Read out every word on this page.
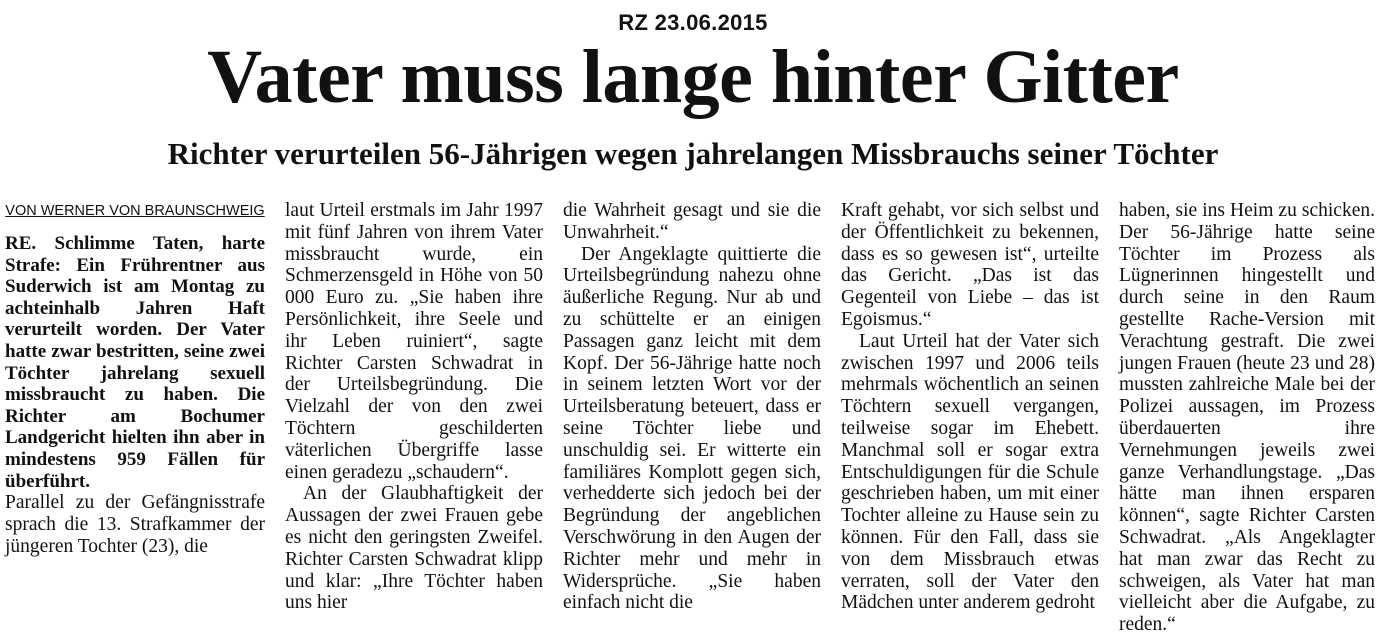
RZ 23.06.2015
Vater muss lange hinter Gitter
Richter verurteilen 56-Jährigen wegen jahrelangen Missbrauchs seiner Töchter
VON WERNER VON BRAUNSCHWEIG

RE. Schlimme Taten, harte Strafe: Ein Frührentner aus Suderwich ist am Montag zu achteinhalb Jahren Haft verurteilt worden. Der Vater hatte zwar bestritten, seine zwei Töchter jahrelang sexuell missbraucht zu haben. Die Richter am Bochumer Landgericht hielten ihn aber in mindestens 959 Fällen für überführt.

Parallel zu der Gefängnisstrafe sprach die 13. Strafkammer der jüngeren Tochter (23), die

laut Urteil erstmals im Jahr 1997 mit fünf Jahren von ihrem Vater missbraucht wurde, ein Schmerzensgeld in Höhe von 50 000 Euro zu. „Sie haben ihre Persönlichkeit, ihre Seele und ihr Leben ruiniert“, sagte Richter Carsten Schwadrat in der Urteilsbegründung. Die Vielzahl der von den zwei Töchtern geschilderten väterlichen Übergriffe lasse einen geradezu „schaudern“.

An der Glaubhaftigkeit der Aussagen der zwei Frauen gebe es nicht den geringsten Zweifel. Richter Carsten Schwadrat klipp und klar: „Ihre Töchter haben uns hier

die Wahrheit gesagt und sie die Unwahrheit.“

Der Angeklagte quittierte die Urteilsbegründung nahezu ohne äußerliche Regung. Nur ab und zu schüttelte er an einigen Passagen ganz leicht mit dem Kopf. Der 56-Jährige hatte noch in seinem letzten Wort vor der Urteilsberatung beteuert, dass er seine Töchter liebe und unschuldig sei. Er witterte ein familiäres Komplott gegen sich, verhedderte sich jedoch bei der Begründung der angeblichen Verschwörung in den Augen der Richter mehr und mehr in Widersprüche. „Sie haben einfach nicht die

Kraft gehabt, vor sich selbst und der Öffentlichkeit zu bekennen, dass es so gewesen ist“, urteilte das Gericht. „Das ist das Gegenteil von Liebe – das ist Egoismus.“

Laut Urteil hat der Vater sich zwischen 1997 und 2006 teils mehrmals wöchentlich an seinen Töchtern sexuell vergangen, teilweise sogar im Ehebett. Manchmal soll er sogar extra Entschuldigungen für die Schule geschrieben haben, um mit einer Tochter alleine zu Hause sein zu können. Für den Fall, dass sie von dem Missbrauch etwas verraten, soll der Vater den Mädchen unter anderem gedroht

haben, sie ins Heim zu schicken. Der 56-Jährige hatte seine Töchter im Prozess als Lügnerinnen hingestellt und durch seine in den Raum gestellte Rache-Version mit Verachtung gestraft. Die zwei jungen Frauen (heute 23 und 28) mussten zahlreiche Male bei der Polizei aussagen, im Prozess überdauerten ihre Vernehmungen jeweils zwei ganze Verhandlungstage. „Das hätte man ihnen ersparen können“, sagte Richter Carsten Schwadrat. „Als Angeklagter hat man zwar das Recht zu schweigen, als Vater hat man vielleicht aber die Aufgabe, zu reden.“
